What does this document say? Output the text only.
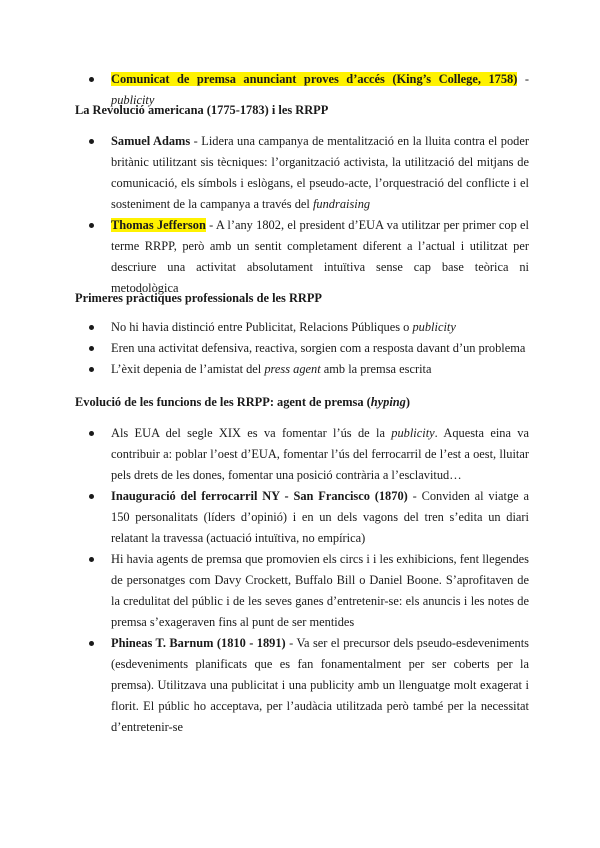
Comunicat de premsa anunciant proves d’accés (King’s College, 1758) - publicity
La Revolució americana (1775-1783) i les RRPP
Samuel Adams - Lidera una campanya de mentalització en la lluita contra el poder britànic utilitzant sis tècniques: l’organització activista, la utilització del mitjans de comunicació, els símbols i eslògans, el pseudo-acte, l’orquestració del conflicte i el sosteniment de la campanya a través del fundraising
Thomas Jefferson - A l’any 1802, el president d’EUA va utilitzar per primer cop el terme RRPP, però amb un sentit completament diferent a l’actual i utilitzat per descriure una activitat absolutament intuïtiva sense cap base teòrica ni metodològica
Primeres pràctiques professionals de les RRPP
No hi havia distinció entre Publicitat, Relacions Públiques o publicity
Eren una activitat defensiva, reactiva, sorgien com a resposta davant d’un problema
L’èxit depenia de l’amistat del press agent amb la premsa escrita
Evolució de les funcions de les RRPP: agent de premsa (hyping)
Als EUA del segle XIX es va fomentar l’ús de la publicity. Aquesta eina va contribuir a: poblar l’oest d’EUA, fomentar l’ús del ferrocarril de l’est a oest, lluitar pels drets de les dones, fomentar una posició contrària a l’esclavitud…
Inauguració del ferrocarril NY - San Francisco (1870) - Conviden al viatge a 150 personalitats (líders d’opinió) i en un dels vagons del tren s’edita un diari relatant la travessa (actuació intuïtiva, no empírica)
Hi havia agents de premsa que promovien els circs i i les exhibicions, fent llegendes de personatges com Davy Crockett, Buffalo Bill o Daniel Boone. S’aprofitaven de la credulitat del públic i de les seves ganes d’entretenir-se: els anuncis i les notes de premsa s’exageraven fins al punt de ser mentides
Phineas T. Barnum (1810 - 1891) - Va ser el precursor dels pseudo-esdeveniments (esdeveniments planificats que es fan fonamentalment per ser coberts per la premsa). Utilitzava una publicitat i una publicity amb un llenguatge molt exagerat i florit. El públic ho acceptava, per l’audàcia utilitzada però també per la necessitat d’entretenir-se
